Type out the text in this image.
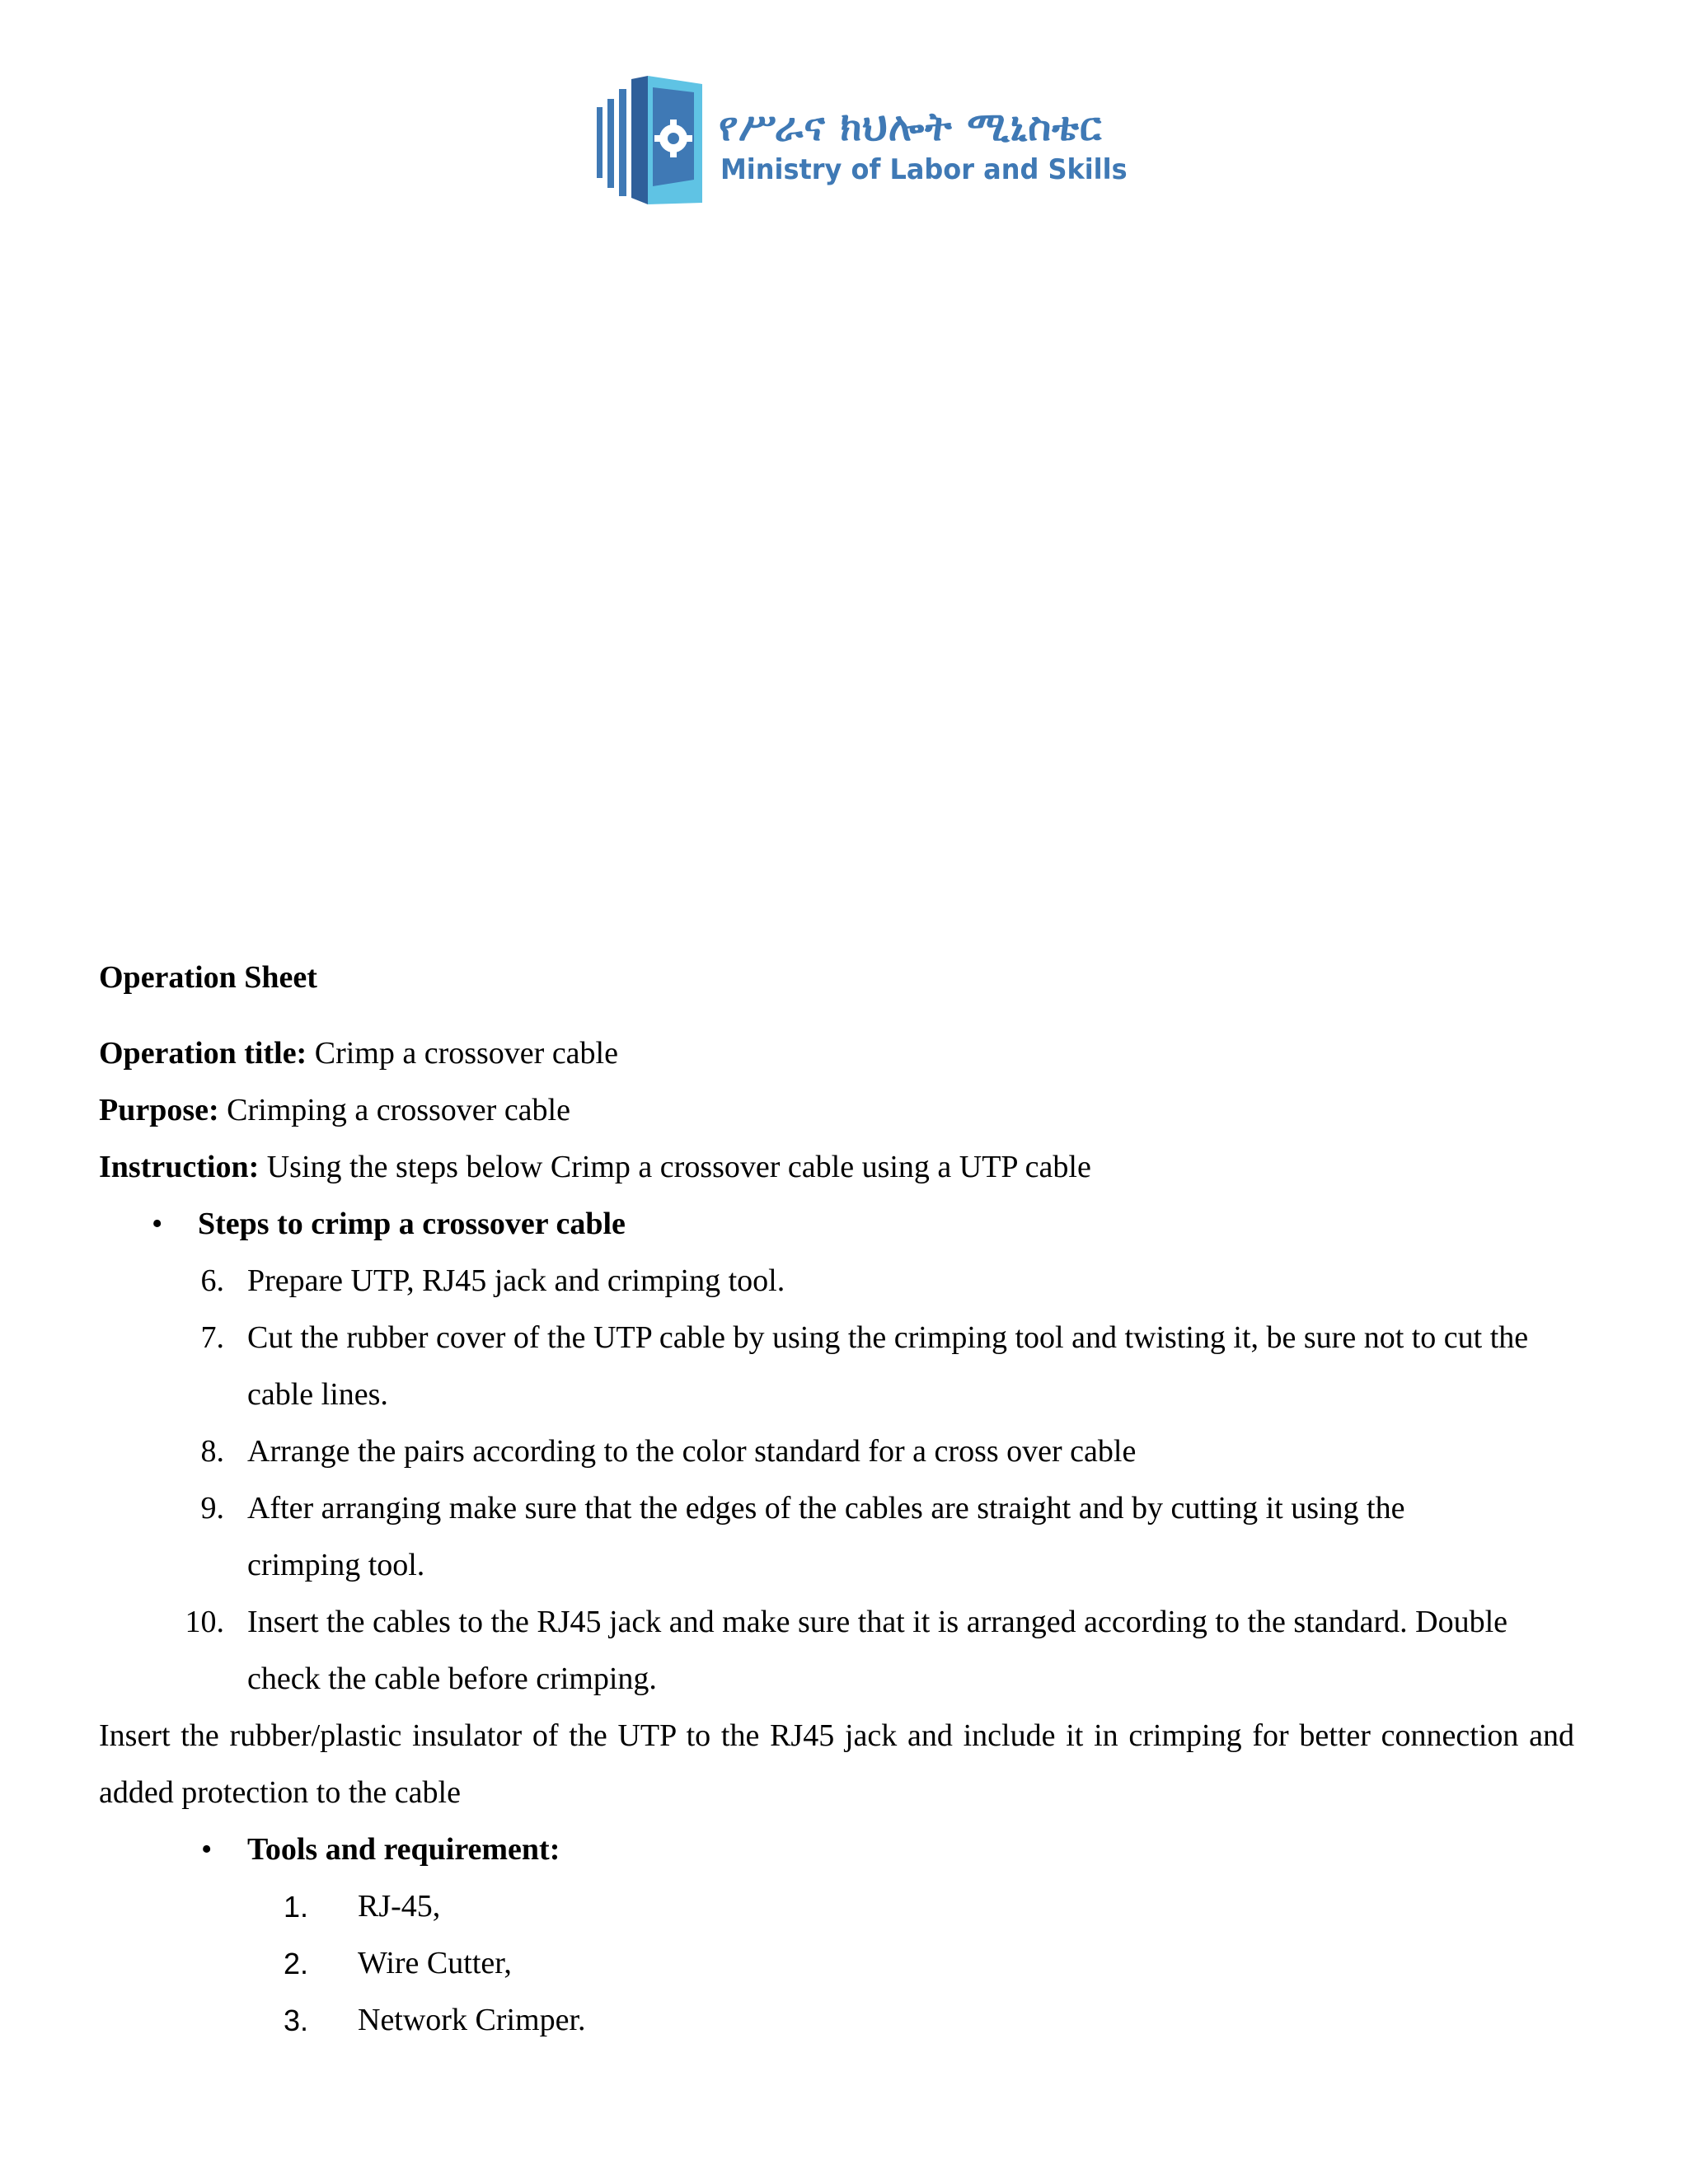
የሥራና ክህሎት ሚኒስቴር
Ministry of Labor and Skills

Operation Sheet

Operation title: Crimp a crossover cable

Purpose: Crimping a crossover cable

Instruction: Using the steps below Crimp a crossover cable using a UTP cable

• Steps to crimp a crossover cable
6. Prepare UTP, RJ45 jack and crimping tool.
7. Cut the rubber cover of the UTP cable by using the crimping tool and twisting it, be sure not to cut the cable lines.
8. Arrange the pairs according to the color standard for a cross over cable
9. After arranging make sure that the edges of the cables are straight and by cutting it using the crimping tool.
10. Insert the cables to the RJ45 jack and make sure that it is arranged according to the standard. Double check the cable before crimping.

Insert the rubber/plastic insulator of the UTP to the RJ45 jack and include it in crimping for better connection and added protection to the cable

• Tools and requirement:
1. RJ-45,
2. Wire Cutter,
3. Network Crimper.
